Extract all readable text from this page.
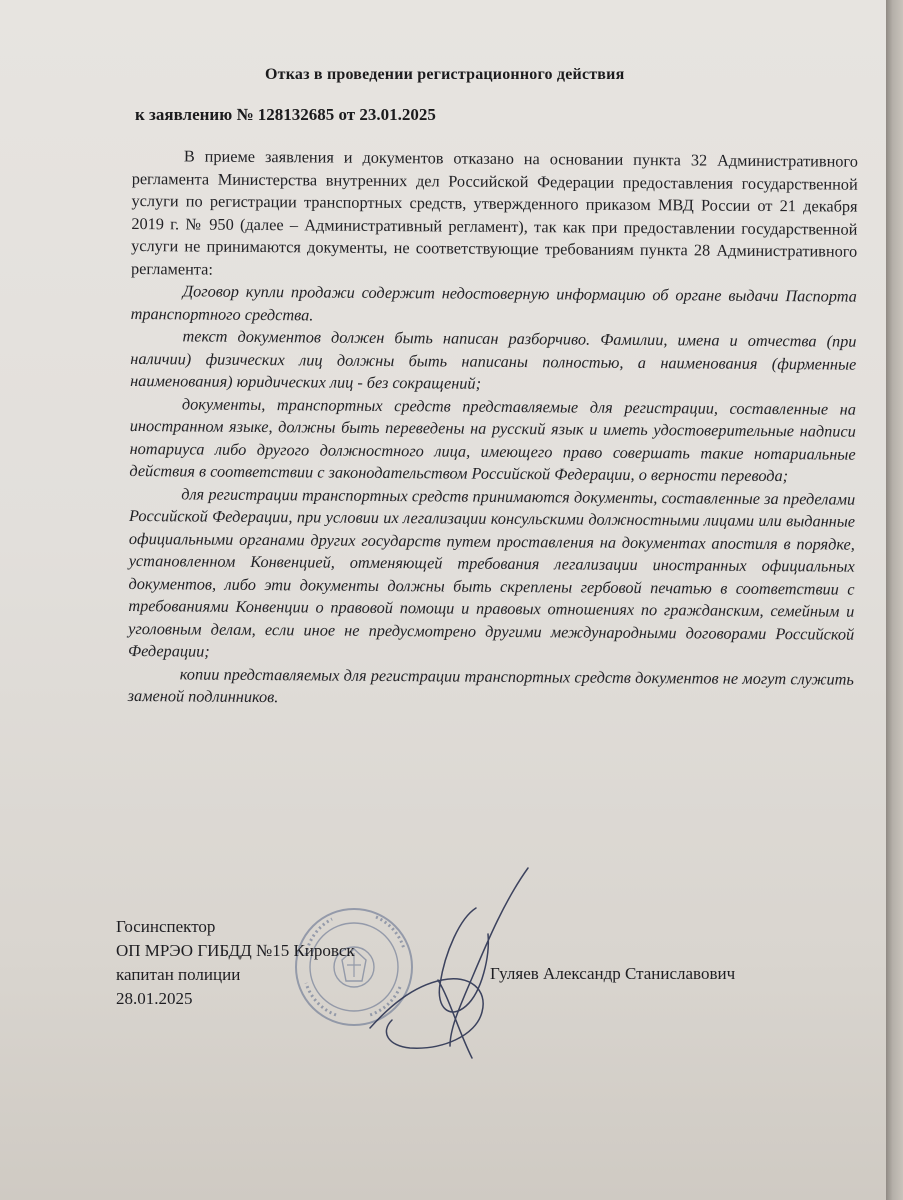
Отказ в проведении регистрационного действия
к заявлению № 128132685 от 23.01.2025

В приеме заявления и документов отказано на основании пункта 32 Административного регламента Министерства внутренних дел Российской Федерации предоставления государственной услуги по регистрации транспортных средств, утвержденного приказом МВД России от 21 декабря 2019 г. № 950 (далее – Административный регламент), так как при предоставлении государственной услуги не принимаются документы, не соответствующие требованиям пункта 28 Административного регламента:

Договор купли продажи содержит недостоверную информацию об органе выдачи Паспорта транспортного средства.

текст документов должен быть написан разборчиво. Фамилии, имена и отчества (при наличии) физических лиц должны быть написаны полностью, а наименования (фирменные наименования) юридических лиц - без сокращений;

документы, транспортных средств представляемые для регистрации, составленные на иностранном языке, должны быть переведены на русский язык и иметь удостоверительные надписи нотариуса либо другого должностного лица, имеющего право совершать такие нотариальные действия в соответствии с законодательством Российской Федерации, о верности перевода;

для регистрации транспортных средств принимаются документы, составленные за пределами Российской Федерации, при условии их легализации консульскими должностными лицами или выданные официальными органами других государств путем проставления на документах апостиля в порядке, установленном Конвенцией, отменяющей требования легализации иностранных официальных документов, либо эти документы должны быть скреплены гербовой печатью в соответствии с требованиями Конвенции о правовой помощи и правовых отношениях по гражданским, семейным и уголовным делам, если иное не предусмотрено другими международными договорами Российской Федерации;

копии представляемых для регистрации транспортных средств документов не могут служить заменой подлинников.

Госинспектор
ОП МРЭО ГИБДД №15 Кировск
капитан полиции
28.01.2025
Гуляев Александр Станиславович
